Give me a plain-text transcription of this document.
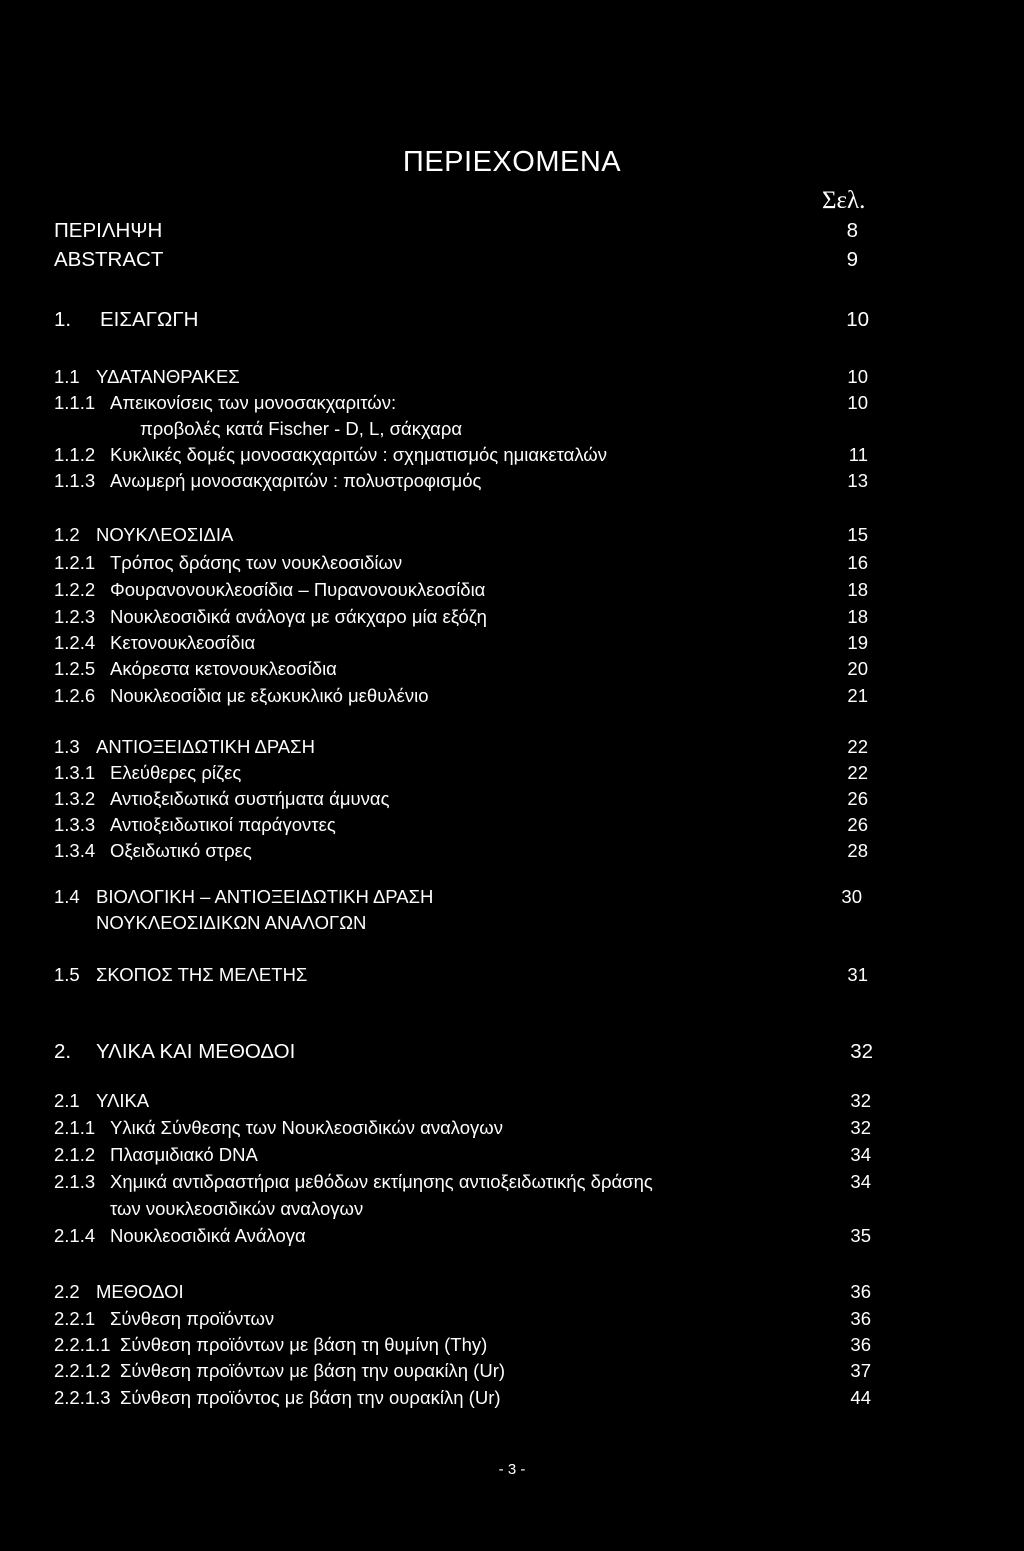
ΠΕΡΙΕΧΟΜΕΝΑ
Σελ.
ΠΕΡΙΛΗΨΗ	8
ABSTRACT	9
1. ΕΙΣΑΓΩΓΗ	10
1.1 ΥΔΑΤΑΝΘΡΑΚΕΣ	10
1.1.1 Απεικονίσεις των μονοσακχαριτών:	10
προβολές κατά Fischer - D, L, σάκχαρα
1.1.2 Κυκλικές δομές μονοσακχαριτών : σχηματισμός ημιακεταλών	11
1.1.3 Ανωμερή μονοσακχαριτών : πολυστροφισμός	13
1.2 ΝΟΥΚΛΕΟΣΙΔΙΑ	15
1.2.1 Τρόπος δράσης των νουκλεοσιδίων	16
1.2.2 Φουρανονουκλεοσίδια – Πυρανονουκλεοσίδια	18
1.2.3 Νουκλεοσιδικά ανάλογα με σάκχαρο μία εξόζη	18
1.2.4 Κετονουκλεοσίδια	19
1.2.5 Ακόρεστα κετονουκλεοσίδια	20
1.2.6 Νουκλεοσίδια με εξωκυκλικό μεθυλένιο	21
1.3 ΑΝΤΙΟΞΕΙΔΩΤΙΚΗ ΔΡΑΣΗ	22
1.3.1 Ελεύθερες ρίζες	22
1.3.2 Αντιοξειδωτικά συστήματα άμυνας	26
1.3.3 Αντιοξειδωτικοί παράγοντες	26
1.3.4 Οξειδωτικό στρες	28
1.4 ΒΙΟΛΟΓΙΚΗ – ΑΝΤΙΟΞΕΙΔΩΤΙΚΗ ΔΡΑΣΗ	30
ΝΟΥΚΛΕΟΣΙΔΙΚΩΝ ΑΝΑΛΟΓΩΝ
1.5 ΣΚΟΠΟΣ ΤΗΣ ΜΕΛΕΤΗΣ	31
2. ΥΛΙΚΑ ΚΑΙ ΜΕΘΟΔΟΙ	32
2.1 ΥΛΙΚΑ	32
2.1.1 Υλικά Σύνθεσης των Νουκλεοσιδικών αναλογων	32
2.1.2 Πλασμιδιακό DNA	34
2.1.3 Χημικά αντιδραστήρια μεθόδων εκτίμησης αντιοξειδωτικής δράσης	34
των νουκλεοσιδικών αναλογων
2.1.4 Νουκλεοσιδικά Ανάλογα	35
2.2 ΜΕΘΟΔΟΙ	36
2.2.1 Σύνθεση προϊόντων	36
2.2.1.1 Σύνθεση προϊόντων με βάση τη θυμίνη (Thy)	36
2.2.1.2 Σύνθεση προϊόντων με βάση την ουρακίλη (Ur)	37
2.2.1.3 Σύνθεση προϊόντος με βάση την ουρακίλη (Ur)	44
- 3 -
